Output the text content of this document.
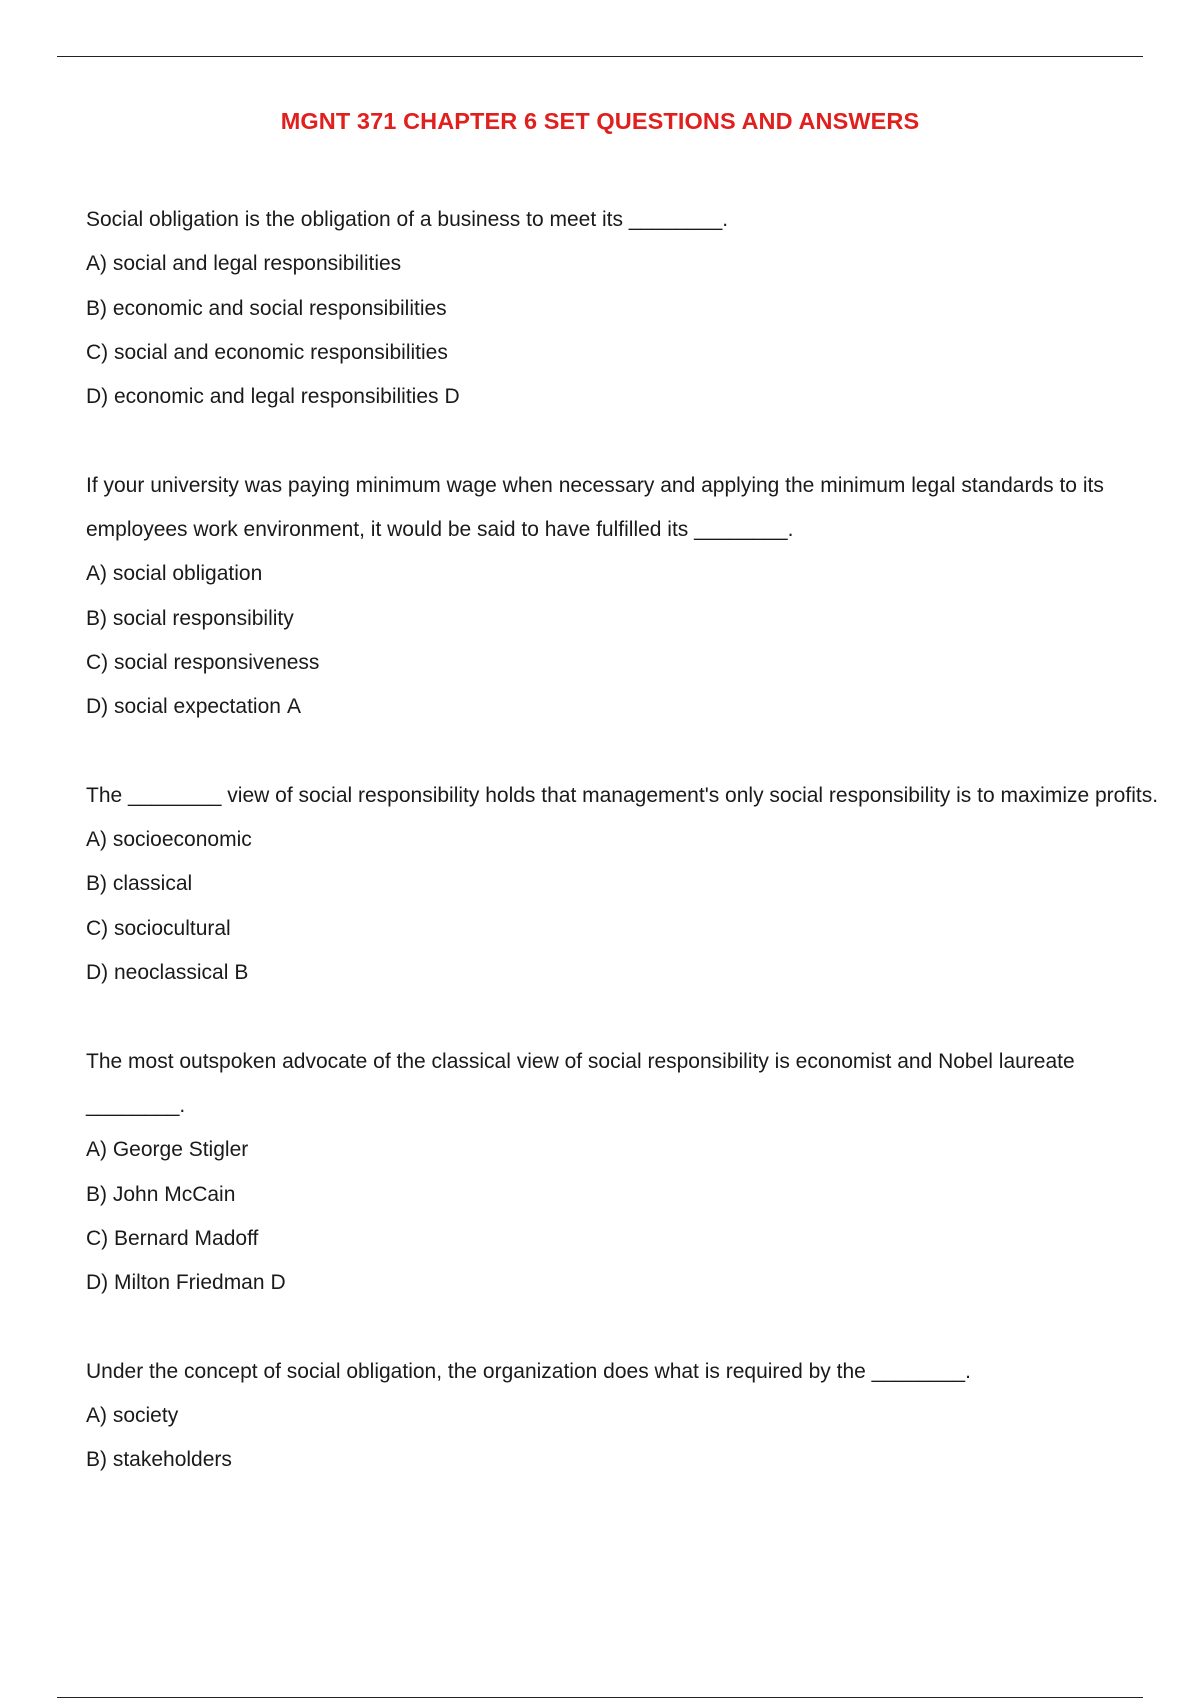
MGNT 371 CHAPTER 6 SET QUESTIONS AND ANSWERS

Social obligation is the obligation of a business to meet its ________.

A) social and legal responsibilities

B) economic and social responsibilities

C) social and economic responsibilities

D) economic and legal responsibilities D

If your university was paying minimum wage when necessary and applying the minimum legal standards to its employees work environment, it would be said to have fulfilled its ________.

A) social obligation

B) social responsibility

C) social responsiveness

D) social expectation A

The ________ view of social responsibility holds that management's only social responsibility is to maximize profits.

A) socioeconomic

B) classical

C) sociocultural

D) neoclassical B

The most outspoken advocate of the classical view of social responsibility is economist and Nobel laureate ________.

A) George Stigler

B) John McCain

C) Bernard Madoff

D) Milton Friedman D

Under the concept of social obligation, the organization does what is required by the ________.

A) society

B) stakeholders
